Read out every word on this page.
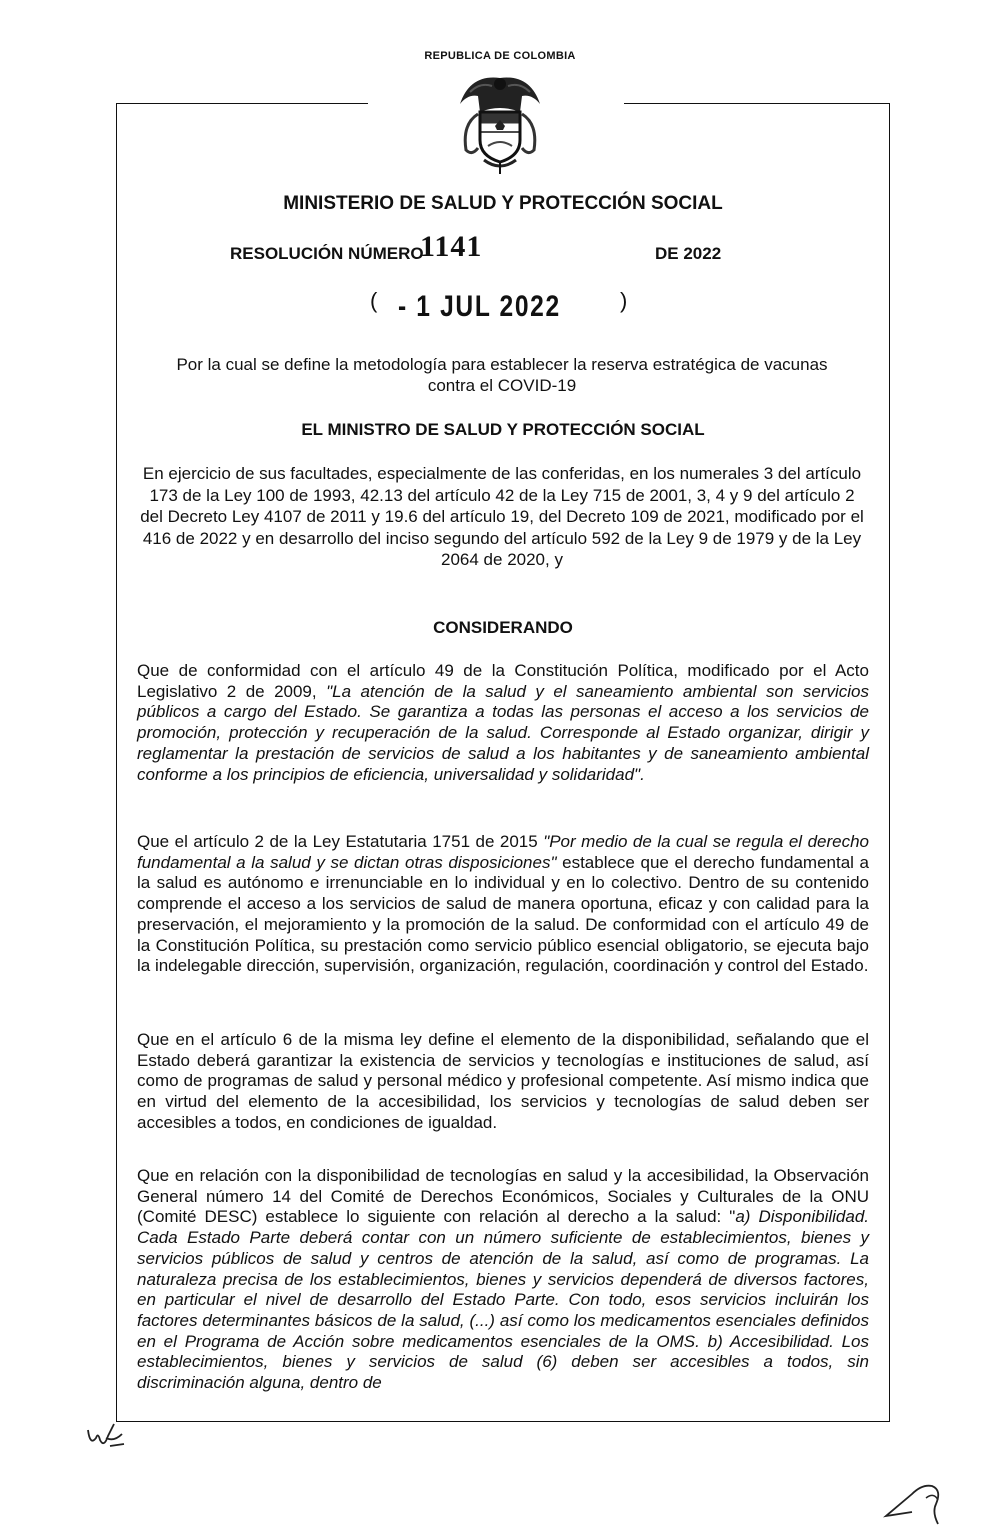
REPUBLICA DE COLOMBIA
MINISTERIO DE SALUD Y PROTECCIÓN SOCIAL
RESOLUCIÓN NÚMERO
1141	DE 2022
( - 1 JUL 2022	)
Por la cual se define la metodología para establecer la reserva estratégica de vacunas contra el COVID-19
EL MINISTRO DE SALUD Y PROTECCIÓN SOCIAL
En ejercicio de sus facultades, especialmente de las conferidas, en los numerales 3 del artículo 173 de la Ley 100 de 1993, 42.13 del artículo 42 de la Ley 715 de 2001, 3, 4 y 9 del artículo 2 del Decreto Ley 4107 de 2011 y 19.6 del artículo 19, del Decreto 109 de 2021, modificado por el 416 de 2022 y en desarrollo del inciso segundo del artículo 592 de la Ley 9 de 1979 y de la Ley 2064 de 2020, y
CONSIDERANDO
Que de conformidad con el artículo 49 de la Constitución Política, modificado por el Acto Legislativo 2 de 2009, "La atención de la salud y el saneamiento ambiental son servicios públicos a cargo del Estado. Se garantiza a todas las personas el acceso a los servicios de promoción, protección y recuperación de la salud. Corresponde al Estado organizar, dirigir y reglamentar la prestación de servicios de salud a los habitantes y de saneamiento ambiental conforme a los principios de eficiencia, universalidad y solidaridad".
Que el artículo 2 de la Ley Estatutaria 1751 de 2015 "Por medio de la cual se regula el derecho fundamental a la salud y se dictan otras disposiciones" establece que el derecho fundamental a la salud es autónomo e irrenunciable en lo individual y en lo colectivo. Dentro de su contenido comprende el acceso a los servicios de salud de manera oportuna, eficaz y con calidad para la preservación, el mejoramiento y la promoción de la salud. De conformidad con el artículo 49 de la Constitución Política, su prestación como servicio público esencial obligatorio, se ejecuta bajo la indelegable dirección, supervisión, organización, regulación, coordinación y control del Estado.
Que en el artículo 6 de la misma ley define el elemento de la disponibilidad, señalando que el Estado deberá garantizar la existencia de servicios y tecnologías e instituciones de salud, así como de programas de salud y personal médico y profesional competente. Así mismo indica que en virtud del elemento de la accesibilidad, los servicios y tecnologías de salud deben ser accesibles a todos, en condiciones de igualdad.
Que en relación con la disponibilidad de tecnologías en salud y la accesibilidad, la Observación General número 14 del Comité de Derechos Económicos, Sociales y Culturales de la ONU (Comité DESC) establece lo siguiente con relación al derecho a la salud: "a) Disponibilidad. Cada Estado Parte deberá contar con un número suficiente de establecimientos, bienes y servicios públicos de salud y centros de atención de la salud, así como de programas. La naturaleza precisa de los establecimientos, bienes y servicios dependerá de diversos factores, en particular el nivel de desarrollo del Estado Parte. Con todo, esos servicios incluirán los factores determinantes básicos de la salud, (...) así como los medicamentos esenciales definidos en el Programa de Acción sobre medicamentos esenciales de la OMS. b) Accesibilidad. Los establecimientos, bienes y servicios de salud (6) deben ser accesibles a todos, sin discriminación alguna, dentro de
